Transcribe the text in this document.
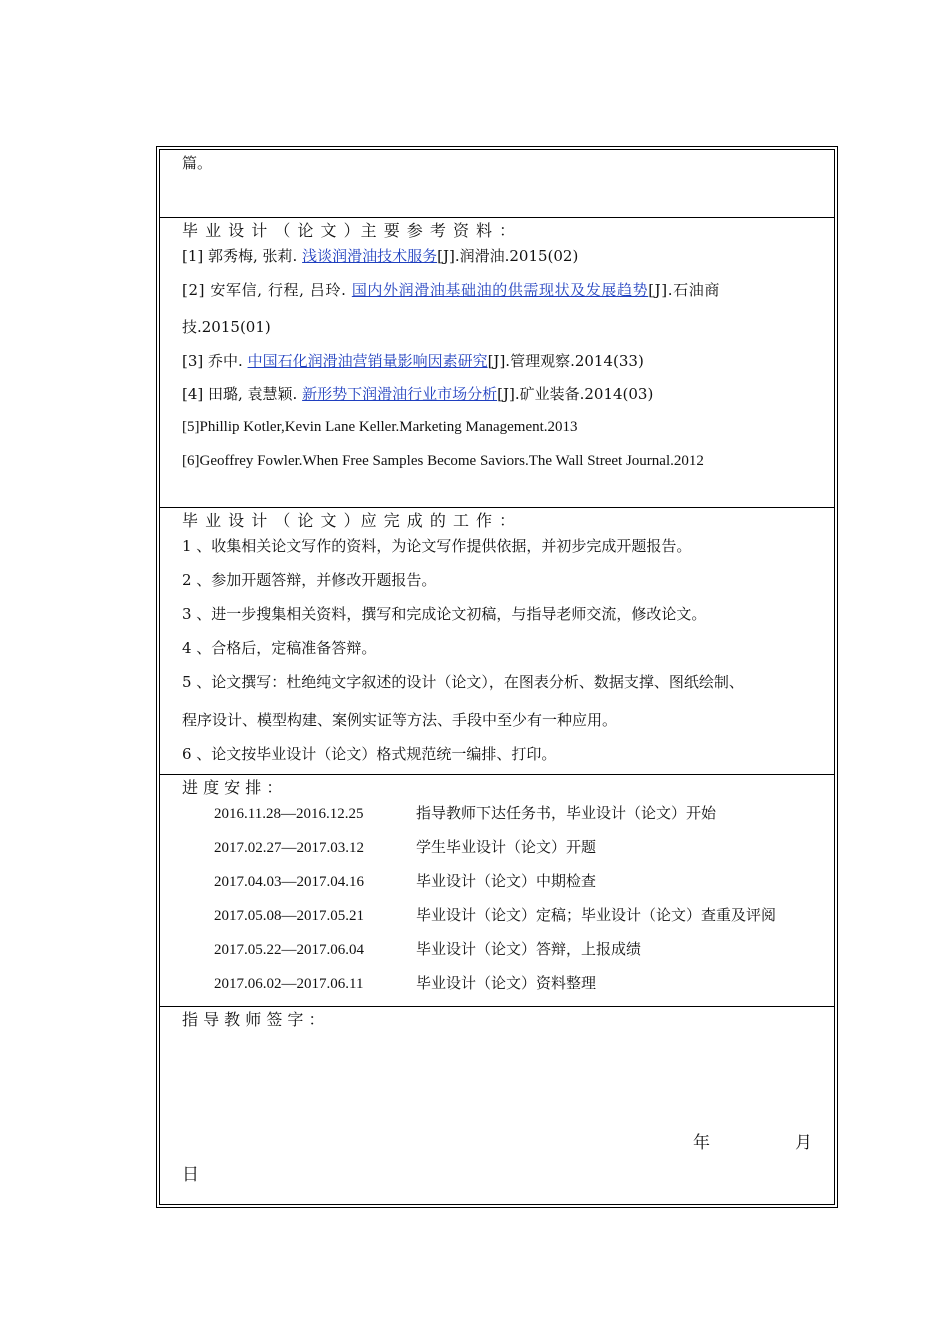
篇。
毕 业 设 计 （ 论 文 ）主 要 参 考 资 料 ：
[1] 郭秀梅, 张莉. 浅谈润滑油技术服务[J].润滑油.2015(02)
[2] 安军信, 行程, 吕玲. 国内外润滑油基础油的供需现状及发展趋势[J].石油商
技.2015(01)
[3] 乔中. 中国石化润滑油营销量影响因素研究[J].管理观察.2014(33)
[4] 田璐, 袁慧颖. 新形势下润滑油行业市场分析[J].矿业装备.2014(03)
[5]Phillip Kotler,Kevin Lane Keller.Marketing Management.2013
[6]Geoffrey Fowler.When Free Samples Become Saviors.The Wall Street Journal.2012
毕 业 设 计 （ 论 文 ）应 完 成 的 工 作 ：
1 、收集相关论文写作的资料，为论文写作提供依据，并初步完成开题报告。
2 、参加开题答辩，并修改开题报告。
3 、进一步搜集相关资料，撰写和完成论文初稿，与指导老师交流，修改论文。
4 、合格后，定稿准备答辩。
5 、论文撰写：杜绝纯文字叙述的设计（论文），在图表分析、数据支撑、图纸绘制、
程序设计、模型构建、案例实证等方法、手段中至少有一种应用。
6 、论文按毕业设计（论文）格式规范统一编排、打印。
进 度 安 排 ：
2016.11.28—2016.12.25	指导教师下达任务书，毕业设计（论文）开始
2017.02.27—2017.03.12	学生毕业设计（论文）开题
2017.04.03—2017.04.16	毕业设计（论文）中期检查
2017.05.08—2017.05.21	毕业设计（论文）定稿；毕业设计（论文）查重及评阅
2017.05.22—2017.06.04	毕业设计（论文）答辩，上报成绩
2017.06.02—2017.06.11	毕业设计（论文）资料整理
指 导 教 师 签 字 ：
年　　　　　月
日
